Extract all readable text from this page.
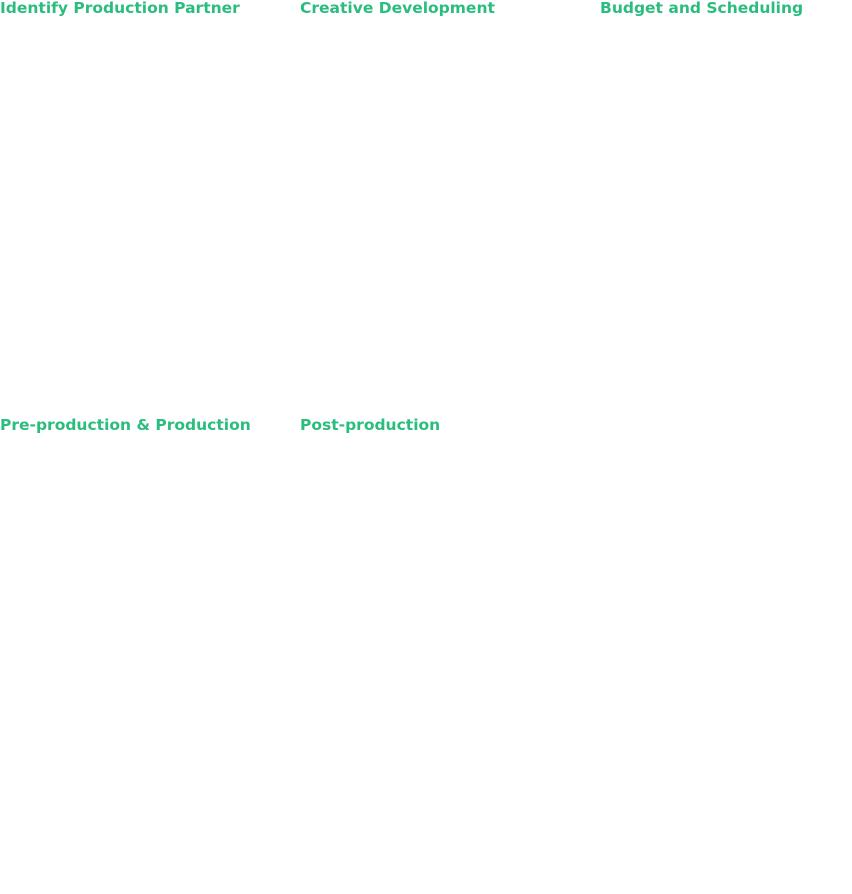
Identify Production Partner	Creative Development	Budget and Scheduling
Pre-production & Production	Post-production
